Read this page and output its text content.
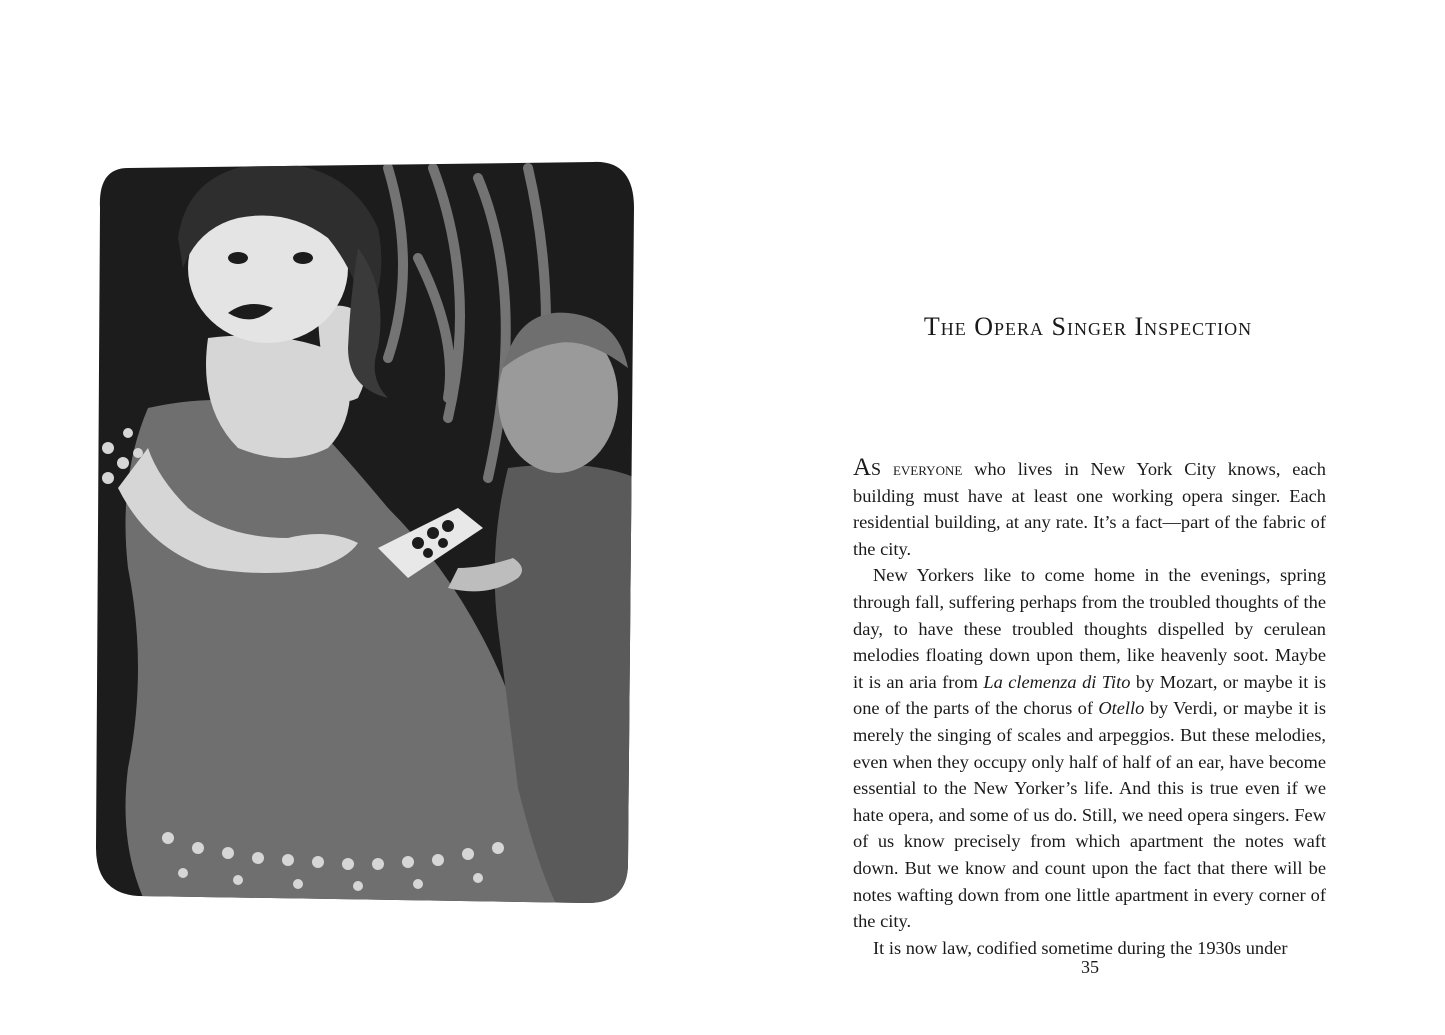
The Opera Singer Inspection

As everyone who lives in New York City knows, each building must have at least one working opera singer. Each residential building, at any rate. It’s a fact—part of the fabric of the city.

New Yorkers like to come home in the evenings, spring through fall, suffering perhaps from the troubled thoughts of the day, to have these troubled thoughts dispelled by cerulean melodies floating down upon them, like heavenly soot. Maybe it is an aria from La clemenza di Tito by Mozart, or maybe it is one of the parts of the chorus of Otello by Verdi, or maybe it is merely the singing of scales and arpeggios. But these melodies, even when they occupy only half of half of an ear, have become essential to the New Yorker’s life. And this is true even if we hate opera, and some of us do. Still, we need opera singers. Few of us know precisely from which apartment the notes waft down. But we know and count upon the fact that there will be notes wafting down from one little apartment in every corner of the city.

It is now law, codified sometime during the 1930s under

35
